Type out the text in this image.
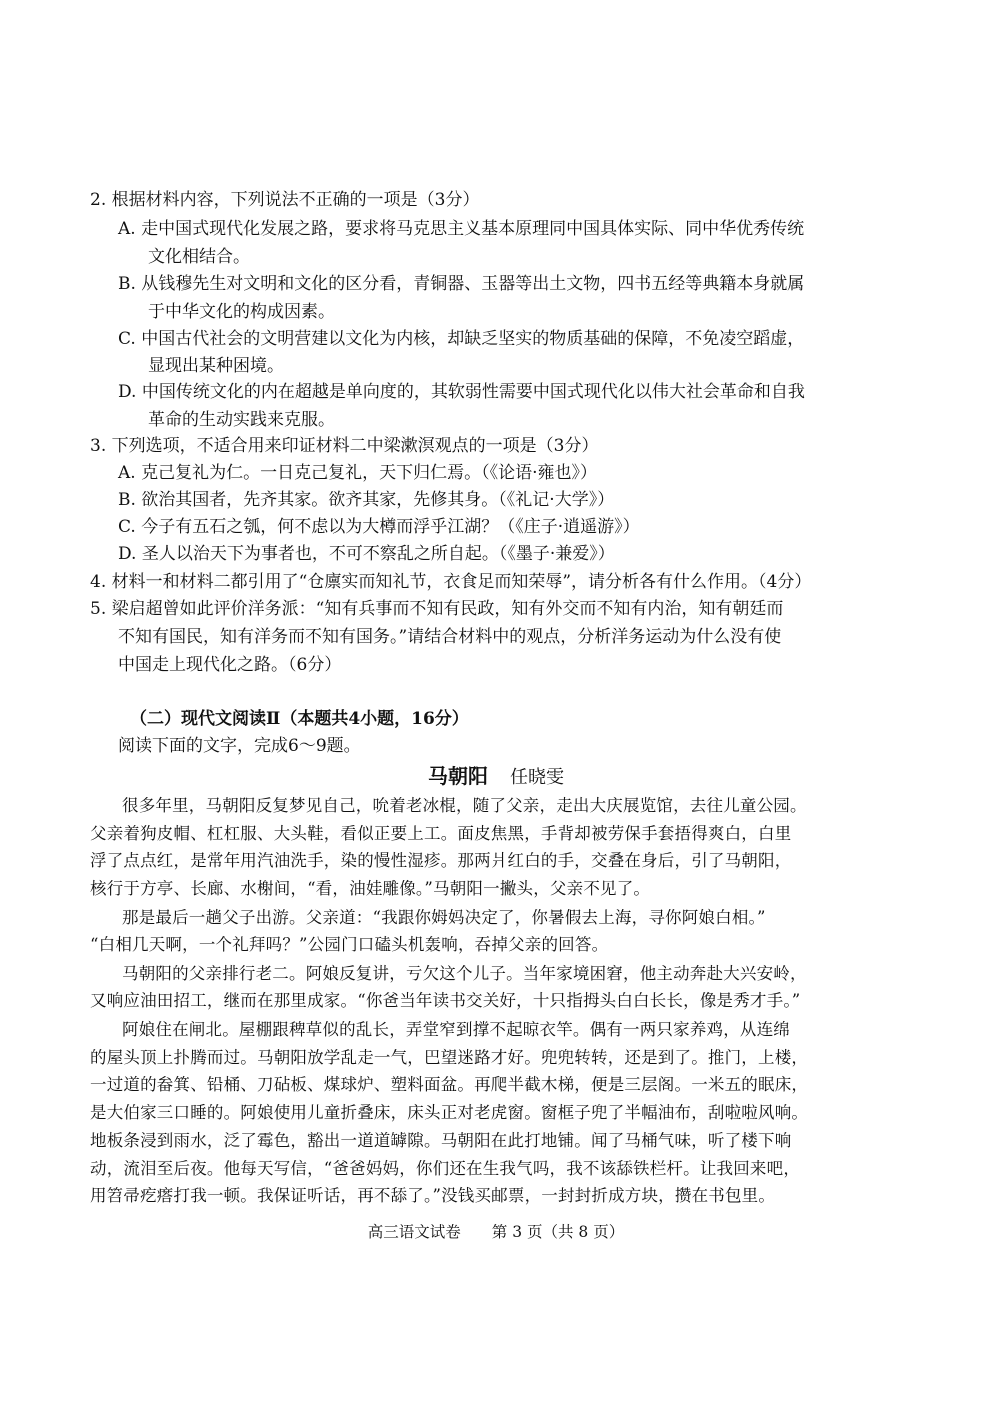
2. 根据材料内容，下列说法不正确的一项是（3分）
A. 走中国式现代化发展之路，要求将马克思主义基本原理同中国具体实际、同中华优秀传统
文化相结合。
B. 从钱穆先生对文明和文化的区分看，青铜器、玉器等出土文物，四书五经等典籍本身就属
于中华文化的构成因素。
C. 中国古代社会的文明营建以文化为内核，却缺乏坚实的物质基础的保障，不免凌空蹈虚，
显现出某种困境。
D. 中国传统文化的内在超越是单向度的，其软弱性需要中国式现代化以伟大社会革命和自我
革命的生动实践来克服。
3. 下列选项，不适合用来印证材料二中梁漱溟观点的一项是（3分）
A. 克己复礼为仁。一日克己复礼，天下归仁焉。（《论语·雍也》）
B. 欲治其国者，先齐其家。欲齐其家，先修其身。（《礼记·大学》）
C. 今子有五石之瓠，何不虑以为大樽而浮乎江湖？（《庄子·逍遥游》）
D. 圣人以治天下为事者也，不可不察乱之所自起。（《墨子·兼爱》）
4. 材料一和材料二都引用了“仓廪实而知礼节，衣食足而知荣辱”，请分析各有什么作用。（4分）
5. 梁启超曾如此评价洋务派：“知有兵事而不知有民政，知有外交而不知有内治，知有朝廷而
不知有国民，知有洋务而不知有国务。”请结合材料中的观点，分析洋务运动为什么没有使
中国走上现代化之路。（6分）
（二）现代文阅读Ⅱ（本题共4小题，16分）
阅读下面的文字，完成6～9题。
马朝阳 任晓雯
很多年里，马朝阳反复梦见自己，吮着老冰棍，随了父亲，走出大庆展览馆，去往儿童公园。
父亲着狗皮帽、杠杠服、大头鞋，看似正要上工。面皮焦黑，手背却被劳保手套捂得爽白，白里
浮了点点红，是常年用汽油洗手，染的慢性湿疹。那两爿红白的手，交叠在身后，引了马朝阳，
核行于方亭、长廊、水榭间，“看，油娃雕像。”马朝阳一撇头，父亲不见了。
那是最后一趟父子出游。父亲道：“我跟你姆妈决定了，你暑假去上海，寻你阿娘白相。”
“白相几天啊，一个礼拜吗？”公园门口磕头机轰响，吞掉父亲的回答。
马朝阳的父亲排行老二。阿娘反复讲，亏欠这个儿子。当年家境困窘，他主动奔赴大兴安岭，
又响应油田招工，继而在那里成家。“你爸当年读书交关好，十只指拇头白白长长，像是秀才手。”
阿娘住在闸北。屋棚跟稗草似的乱长，弄堂窄到撑不起晾衣竿。偶有一两只家养鸡，从连绵
的屋头顶上扑腾而过。马朝阳放学乱走一气，巴望迷路才好。兜兜转转，还是到了。推门，上楼，
一过道的畚箕、铅桶、刀砧板、煤球炉、塑料面盆。再爬半截木梯，便是三层阁。一米五的眠床，
是大伯家三口睡的。阿娘使用儿童折叠床，床头正对老虎窗。窗框子兜了半幅油布，刮啦啦风响。
地板条浸到雨水，泛了霉色，豁出一道道罅隙。马朝阳在此打地铺。闻了马桶气味，听了楼下响
动，流泪至后夜。他每天写信，“爸爸妈妈，你们还在生我气吗，我不该舔铁栏杆。让我回来吧，
用笤帚疙瘩打我一顿。我保证听话，再不舔了。”没钱买邮票，一封封折成方块，攒在书包里。
高三语文试卷　　第 3 页（共 8 页）
